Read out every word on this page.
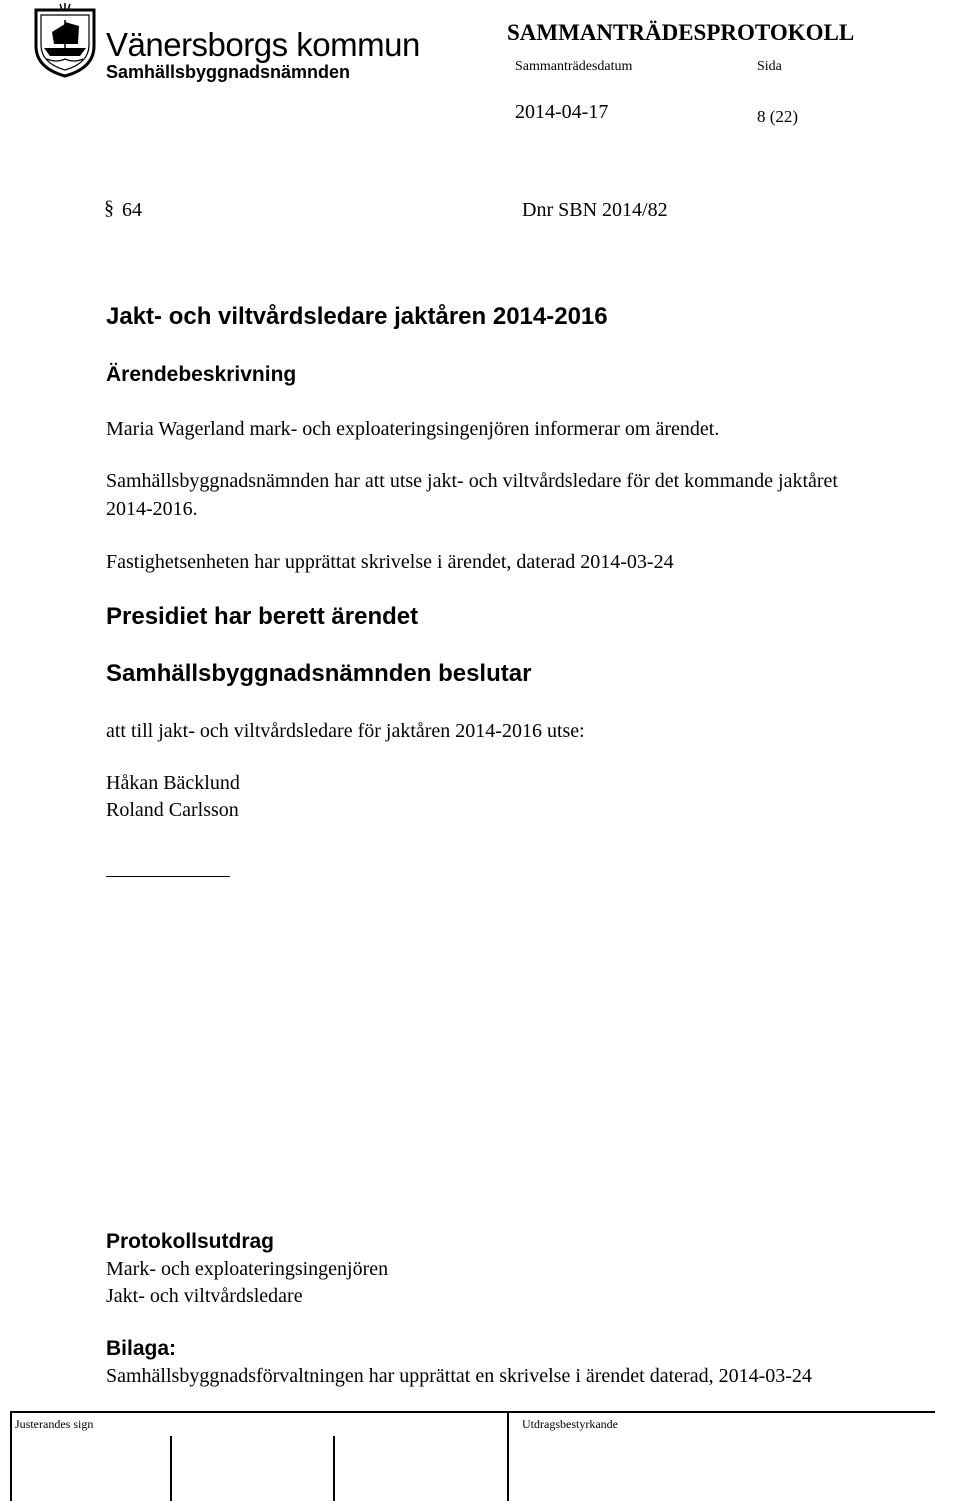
Vänersborgs kommun
Samhällsbyggnadsnämnden
SAMMANTRÄDESPROTOKOLL
Sammanträdesdatum	Sida
2014-04-17	8 (22)
§ 64	Dnr SBN 2014/82
Jakt- och viltvårdsledare jaktåren 2014-2016
Ärendebeskrivning
Maria Wagerland mark- och exploateringsingenjören informerar om ärendet.
Samhällsbyggnadsnämnden har att utse jakt- och viltvårdsledare för det kommande jaktåret
2014-2016.
Fastighetsenheten har upprättat skrivelse i ärendet, daterad 2014-03-24
Presidiet har berett ärendet
Samhällsbyggnadsnämnden beslutar
att till jakt- och viltvårdsledare för jaktåren 2014-2016 utse:
Håkan Bäcklund
Roland Carlsson
Protokollsutdrag
Mark- och exploateringsingenjören
Jakt- och viltvårdsledare
Bilaga:
Samhällsbyggnadsförvaltningen har upprättat en skrivelse i ärendet daterad, 2014-03-24
Justerandes sign	Utdragsbestyrkande
